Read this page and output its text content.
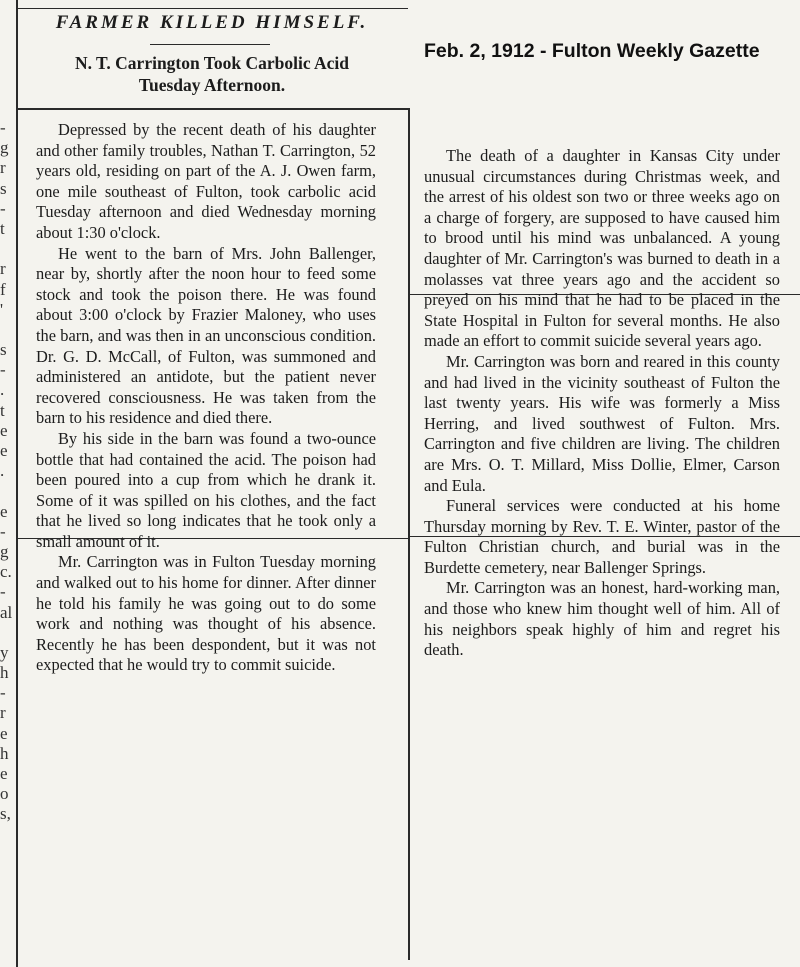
-
g
r
s
-
t
r
f
'
s
-
.
t
e
e
.
e
-
g
c.
-
al
y
h
-
r
e
h
e
o
s,
FARMER KILLED HIMSELF.
N. T. Carrington Took Carbolic Acid
Tuesday Afternoon.
Feb. 2, 1912 - Fulton Weekly Gazette

Depressed by the recent death of his daughter and other family troubles, Nathan T. Carrington, 52 years old, residing on part of the A. J. Owen farm, one mile southeast of Fulton, took carbolic acid Tuesday afternoon and died Wednesday morning about 1:30 o'clock.

He went to the barn of Mrs. John Ballenger, near by, shortly after the noon hour to feed some stock and took the poison there. He was found about 3:00 o'clock by Frazier Maloney, who uses the barn, and was then in an unconscious condition. Dr. G. D. McCall, of Fulton, was summoned and administered an antidote, but the patient never recovered consciousness. He was taken from the barn to his residence and died there.

By his side in the barn was found a two-ounce bottle that had contained the acid. The poison had been poured into a cup from which he drank it. Some of it was spilled on his clothes, and the fact that he lived so long indicates that he took only a small amount of it.

Mr. Carrington was in Fulton Tuesday morning and walked out to his home for dinner. After dinner he told his family he was going out to do some work and nothing was thought of his absence. Recently he has been despondent, but it was not expected that he would try to commit suicide.

The death of a daughter in Kansas City under unusual circumstances during Christmas week, and the arrest of his oldest son two or three weeks ago on a charge of forgery, are supposed to have caused him to brood until his mind was unbalanced. A young daughter of Mr. Carrington's was burned to death in a molasses vat three years ago and the accident so preyed on his mind that he had to be placed in the State Hospital in Fulton for several months. He also made an effort to commit suicide several years ago.

Mr. Carrington was born and reared in this county and had lived in the vicinity southeast of Fulton the last twenty years. His wife was formerly a Miss Herring, and lived southwest of Fulton. Mrs. Carrington and five children are living. The children are Mrs. O. T. Millard, Miss Dollie, Elmer, Carson and Eula.

Funeral services were conducted at his home Thursday morning by Rev. T. E. Winter, pastor of the Fulton Christian church, and burial was in the Burdette cemetery, near Ballenger Springs.

Mr. Carrington was an honest, hard-working man, and those who knew him thought well of him. All of his neighbors speak highly of him and regret his death.
